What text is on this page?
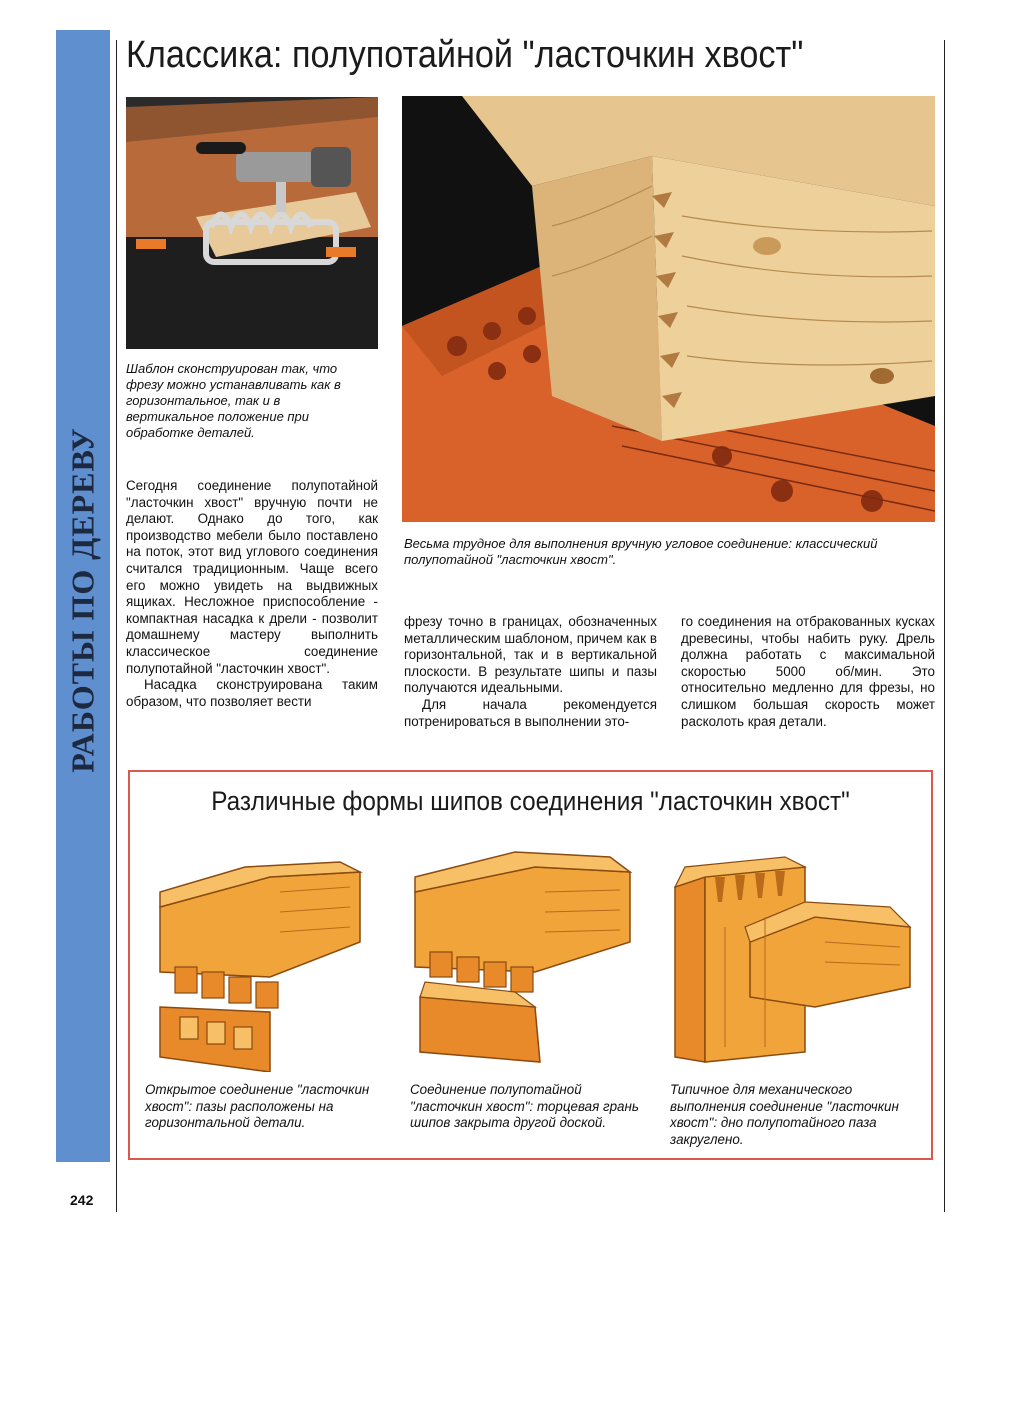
РАБОТЫ ПО ДЕРЕВУ
Классика: полупотайной "ласточкин хвост"

Шаблон сконструирован так, что фрезу можно устанавливать как в горизонтальное, так и в вертикальное положение при обработке деталей.

Весьма трудное для выполнения вручную угловое соединение: классический полупотайной "ласточкин хвост".

Сегодня соединение полупотайной "ласточкин хвост" вручную почти не делают. Однако до того, как производство мебели было поставлено на поток, этот вид углового соединения считался традиционным. Чаще всего его можно увидеть на выдвижных ящиках. Несложное приспособление - компактная насадка к дрели - позволит домашнему мастеру выполнить классическое соединение полупотайной "ласточкин хвост".

Насадка сконструирована таким образом, что позволяет вести

фрезу точно в границах, обозначенных металлическим шаблоном, причем как в горизонтальной, так и в вертикальной плоскости. В результате шипы и пазы получаются идеальными.

Для начала рекомендуется потренироваться в выполнении это-

го соединения на отбракованных кусках древесины, чтобы набить руку. Дрель должна работать с максимальной скоростью 5000 об/мин. Это относительно медленно для фрезы, но слишком большая скорость может расколоть края детали.

Различные формы шипов соединения "ласточкин хвост"

Открытое соединение "ласточкин хвост": пазы расположены на горизонтальной детали.

Соединение полупотайной "ласточкин хвост": торцевая грань шипов закрыта другой доской.

Типичное для механического выполнения соединение "ласточкин хвост": дно полупотайного паза закруглено.

242
